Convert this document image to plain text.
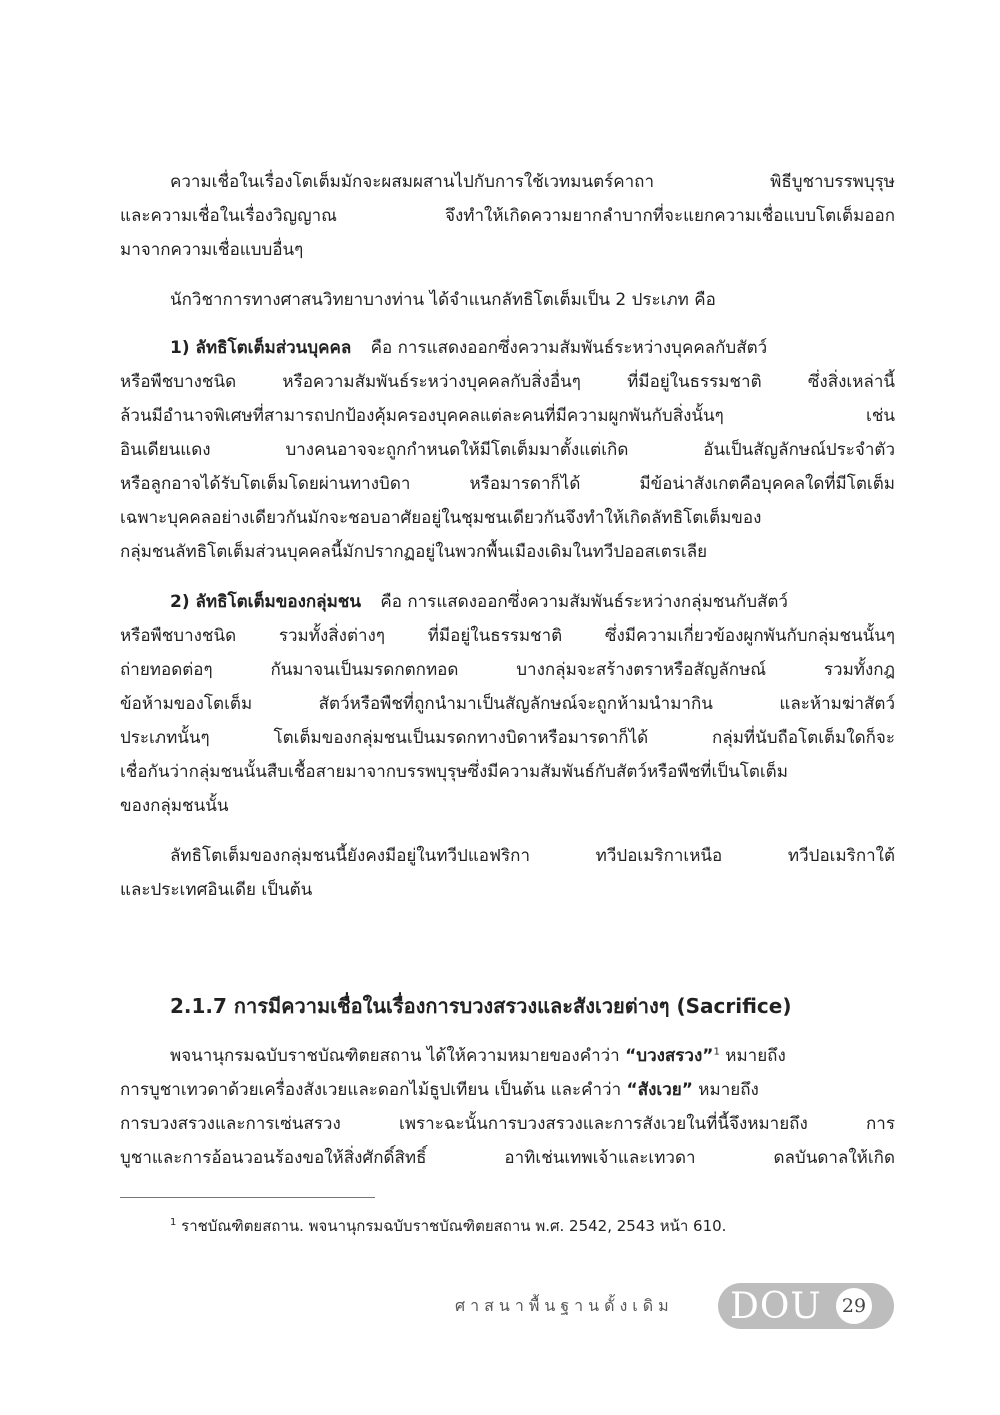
ความเชื่อในเรื่องโตเต็มมักจะผสมผสานไปกับการใช้เวทมนตร์คาถา พิธีบูชาบรรพบุรุษ
และความเชื่อในเรื่องวิญญาณ จึงทำให้เกิดความยากลำบากที่จะแยกความเชื่อแบบโตเต็มออก
มาจากความเชื่อแบบอื่นๆ
นักวิชาการทางศาสนวิทยาบางท่าน ได้จำแนกลัทธิโตเต็มเป็น 2 ประเภท คือ
1) ลัทธิโตเต็มส่วนบุคคล คือ การแสดงออกซึ่งความสัมพันธ์ระหว่างบุคคลกับสัตว์
หรือพืชบางชนิด หรือความสัมพันธ์ระหว่างบุคคลกับสิ่งอื่นๆ ที่มีอยู่ในธรรมชาติ ซึ่งสิ่งเหล่านี้
ล้วนมีอำนาจพิเศษที่สามารถปกป้องคุ้มครองบุคคลแต่ละคนที่มีความผูกพันกับสิ่งนั้นๆ เช่น
อินเดียนแดง บางคนอาจจะถูกกำหนดให้มีโตเต็มมาตั้งแต่เกิด อันเป็นสัญลักษณ์ประจำตัว
หรือลูกอาจได้รับโตเต็มโดยผ่านทางบิดา หรือมารดาก็ได้ มีข้อน่าสังเกตคือบุคคลใดที่มีโตเต็ม
เฉพาะบุคคลอย่างเดียวกันมักจะชอบอาศัยอยู่ในชุมชนเดียวกันจึงทำให้เกิดลัทธิโตเต็มของ
กลุ่มชนลัทธิโตเต็มส่วนบุคคลนี้มักปรากฏอยู่ในพวกพื้นเมืองเดิมในทวีปออสเตรเลีย
2) ลัทธิโตเต็มของกลุ่มชน คือ การแสดงออกซึ่งความสัมพันธ์ระหว่างกลุ่มชนกับสัตว์
หรือพืชบางชนิด รวมทั้งสิ่งต่างๆ ที่มีอยู่ในธรรมชาติ ซึ่งมีความเกี่ยวข้องผูกพันกับกลุ่มชนนั้นๆ
ถ่ายทอดต่อๆ กันมาจนเป็นมรดกตกทอด บางกลุ่มจะสร้างตราหรือสัญลักษณ์ รวมทั้งกฎ
ข้อห้ามของโตเต็ม สัตว์หรือพืชที่ถูกนำมาเป็นสัญลักษณ์จะถูกห้ามนำมากิน และห้ามฆ่าสัตว์
ประเภทนั้นๆ โตเต็มของกลุ่มชนเป็นมรดกทางบิดาหรือมารดาก็ได้ กลุ่มที่นับถือโตเต็มใดก็จะ
เชื่อกันว่ากลุ่มชนนั้นสืบเชื้อสายมาจากบรรพบุรุษซึ่งมีความสัมพันธ์กับสัตว์หรือพืชที่เป็นโตเต็ม
ของกลุ่มชนนั้น
ลัทธิโตเต็มของกลุ่มชนนี้ยังคงมีอยู่ในทวีปแอฟริกา ทวีปอเมริกาเหนือ ทวีปอเมริกาใต้
และประเทศอินเดีย เป็นต้น
2.1.7 การมีความเชื่อในเรื่องการบวงสรวงและสังเวยต่างๆ (Sacrifice)
พจนานุกรมฉบับราชบัณฑิตยสถาน ได้ให้ความหมายของคำว่า “บวงสรวง”$^1$ หมายถึง
การบูชาเทวดาด้วยเครื่องสังเวยและดอกไม้ธูปเทียน เป็นต้น และคำว่า “สังเวย” หมายถึง
การบวงสรวงและการเซ่นสรวง เพราะฉะนั้นการบวงสรวงและการสังเวยในที่นี้จึงหมายถึง การ
บูชาและการอ้อนวอนร้องขอให้สิ่งศักดิ์สิทธิ์ อาทิเช่นเทพเจ้าและเทวดา ดลบันดาลให้เกิด
$^1$ ราชบัณฑิตยสถาน. พจนานุกรมฉบับราชบัณฑิตยสถาน พ.ศ. 2542, 2543 หน้า 610.
ศาสนาพื้นฐานดั้งเดิม DOU	29
